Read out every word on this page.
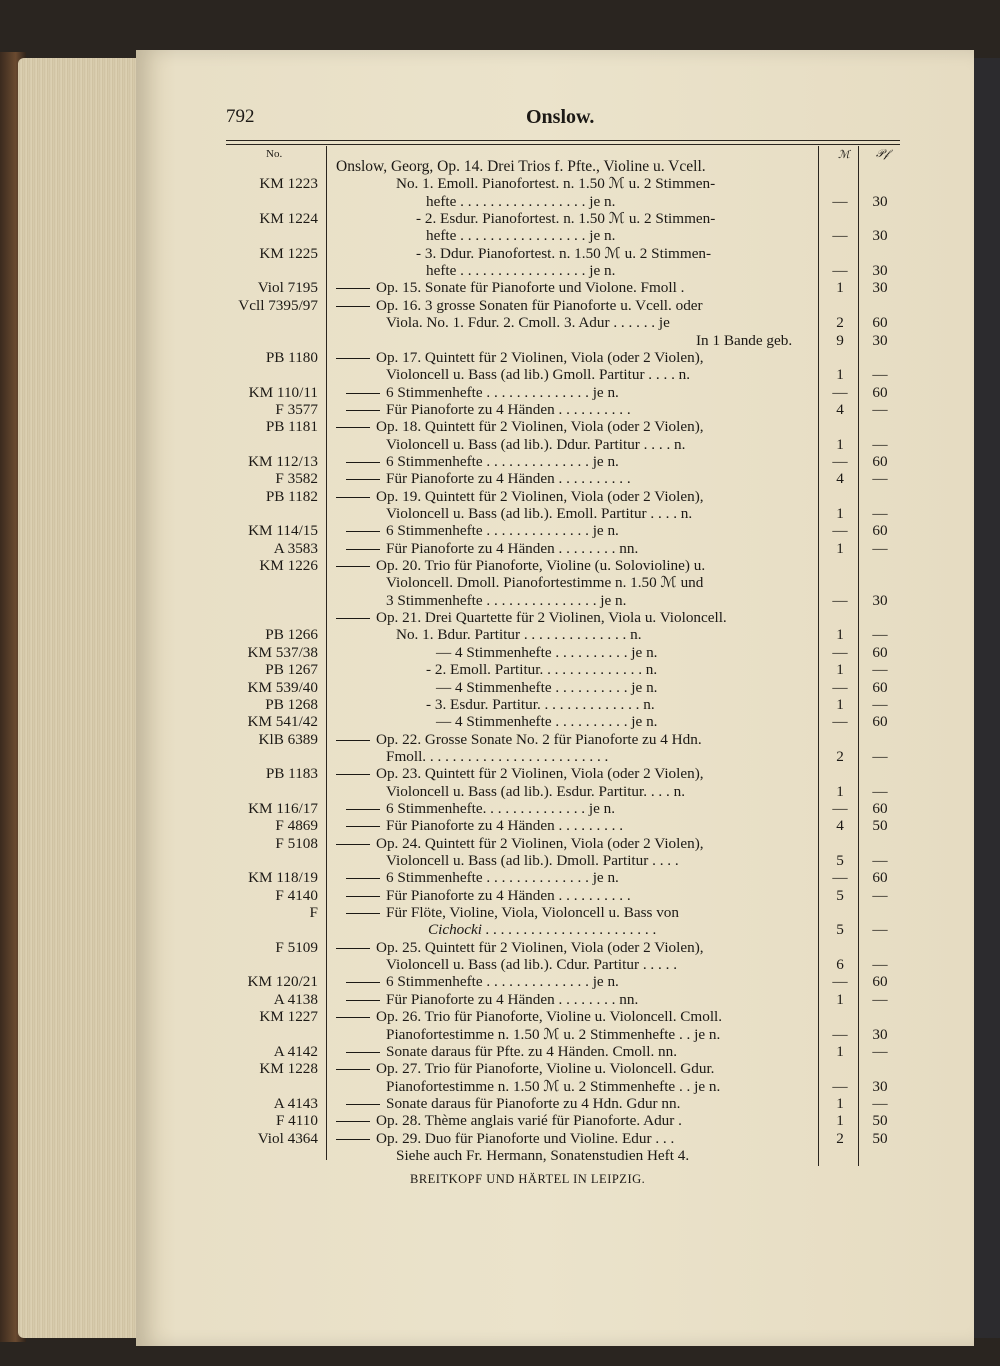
792	Onslow.
No.	ℳ 𝒫𝒻
Onslow, Georg, Op. 14. Drei Trios f. Pfte., Violine u. Vcell.
KM 1223	No. 1. Emoll. Pianofortest. n. 1.50 ℳ u. 2 Stimmen-
hefte . . . . . . . . . . . . . . . . . je n.	—	30
KM 1224	- 2. Esdur. Pianofortest. n. 1.50 ℳ u. 2 Stimmen-
hefte . . . . . . . . . . . . . . . . . je n.	—	30
KM 1225	- 3. Ddur. Pianofortest. n. 1.50 ℳ u. 2 Stimmen-
hefte . . . . . . . . . . . . . . . . . je n.	—	30
Viol 7195	Op. 15. Sonate für Pianoforte und Violone. Fmoll .	1	30
Vcll 7395/97	Op. 16. 3 grosse Sonaten für Pianoforte u. Vcell. oder
Viola. No. 1. Fdur. 2. Cmoll. 3. Adur . . . . . . je	2	60
In 1 Bande geb.	9	30
PB 1180	Op. 17. Quintett für 2 Violinen, Viola (oder 2 Violen),
Violoncell u. Bass (ad lib.) Gmoll. Partitur . . . . n.	1	—
KM 110/11	6 Stimmenhefte . . . . . . . . . . . . . . je n.	—	60
F 3577	Für Pianoforte zu 4 Händen . . . . . . . . . .	4	—
PB 1181	Op. 18. Quintett für 2 Violinen, Viola (oder 2 Violen),
Violoncell u. Bass (ad lib.). Ddur. Partitur . . . . n.	1	—
KM 112/13	6 Stimmenhefte . . . . . . . . . . . . . . je n.	—	60
F 3582	Für Pianoforte zu 4 Händen . . . . . . . . . .	4	—
PB 1182	Op. 19. Quintett für 2 Violinen, Viola (oder 2 Violen),
Violoncell u. Bass (ad lib.). Emoll. Partitur . . . . n.	1	—
KM 114/15	6 Stimmenhefte . . . . . . . . . . . . . . je n.	—	60
A 3583	Für Pianoforte zu 4 Händen . . . . . . . . nn.	1	—
KM 1226	Op. 20. Trio für Pianoforte, Violine (u. Solovioline) u.
Violoncell. Dmoll. Pianofortestimme n. 1.50 ℳ und
3 Stimmenhefte . . . . . . . . . . . . . . . je n.	—	30
Op. 21. Drei Quartette für 2 Violinen, Viola u. Violoncell.
PB 1266	No. 1. Bdur. Partitur . . . . . . . . . . . . . . n.	1	—
KM 537/38	— 4 Stimmenhefte . . . . . . . . . . je n.	—	60
PB 1267	- 2. Emoll. Partitur. . . . . . . . . . . . . . n.	1	—
KM 539/40	— 4 Stimmenhefte . . . . . . . . . . je n.	—	60
PB 1268	- 3. Esdur. Partitur. . . . . . . . . . . . . . n.	1	—
KM 541/42	— 4 Stimmenhefte . . . . . . . . . . je n.	—	60
KlB 6389	Op. 22. Grosse Sonate No. 2 für Pianoforte zu 4 Hdn.
Fmoll. . . . . . . . . . . . . . . . . . . . . . . . .	2	—
PB 1183	Op. 23. Quintett für 2 Violinen, Viola (oder 2 Violen),
Violoncell u. Bass (ad lib.). Esdur. Partitur. . . . n.	1	—
KM 116/17	6 Stimmenhefte. . . . . . . . . . . . . . je n.	—	60
F 4869	Für Pianoforte zu 4 Händen . . . . . . . . .	4	50
F 5108	Op. 24. Quintett für 2 Violinen, Viola (oder 2 Violen),
Violoncell u. Bass (ad lib.). Dmoll. Partitur . . . .	5	—
KM 118/19	6 Stimmenhefte . . . . . . . . . . . . . . je n.	—	60
F 4140	Für Pianoforte zu 4 Händen . . . . . . . . . .	5	—
F	Für Flöte, Violine, Viola, Violoncell u. Bass von
Cichocki . . . . . . . . . . . . . . . . . . . . . . .	5	—
F 5109	Op. 25. Quintett für 2 Violinen, Viola (oder 2 Violen),
Violoncell u. Bass (ad lib.). Cdur. Partitur . . . . .	6	—
KM 120/21	6 Stimmenhefte . . . . . . . . . . . . . . je n.	—	60
A 4138	Für Pianoforte zu 4 Händen . . . . . . . . nn.	1	—
KM 1227	Op. 26. Trio für Pianoforte, Violine u. Violoncell. Cmoll.
Pianofortestimme n. 1.50 ℳ u. 2 Stimmenhefte . . je n.	—	30
A 4142	Sonate daraus für Pfte. zu 4 Händen. Cmoll. nn.	1	—
KM 1228	Op. 27. Trio für Pianoforte, Violine u. Violoncell. Gdur.
Pianofortestimme n. 1.50 ℳ u. 2 Stimmenhefte . . je n.	—	30
A 4143	Sonate daraus für Pianoforte zu 4 Hdn. Gdur nn.	1	—
F 4110	Op. 28. Thème anglais varié für Pianoforte. Adur .	1	50
Viol 4364	Op. 29. Duo für Pianoforte und Violine. Edur . . .	2	50
Siehe auch Fr. Hermann, Sonatenstudien Heft 4.
BREITKOPF UND HÄRTEL IN LEIPZIG.
